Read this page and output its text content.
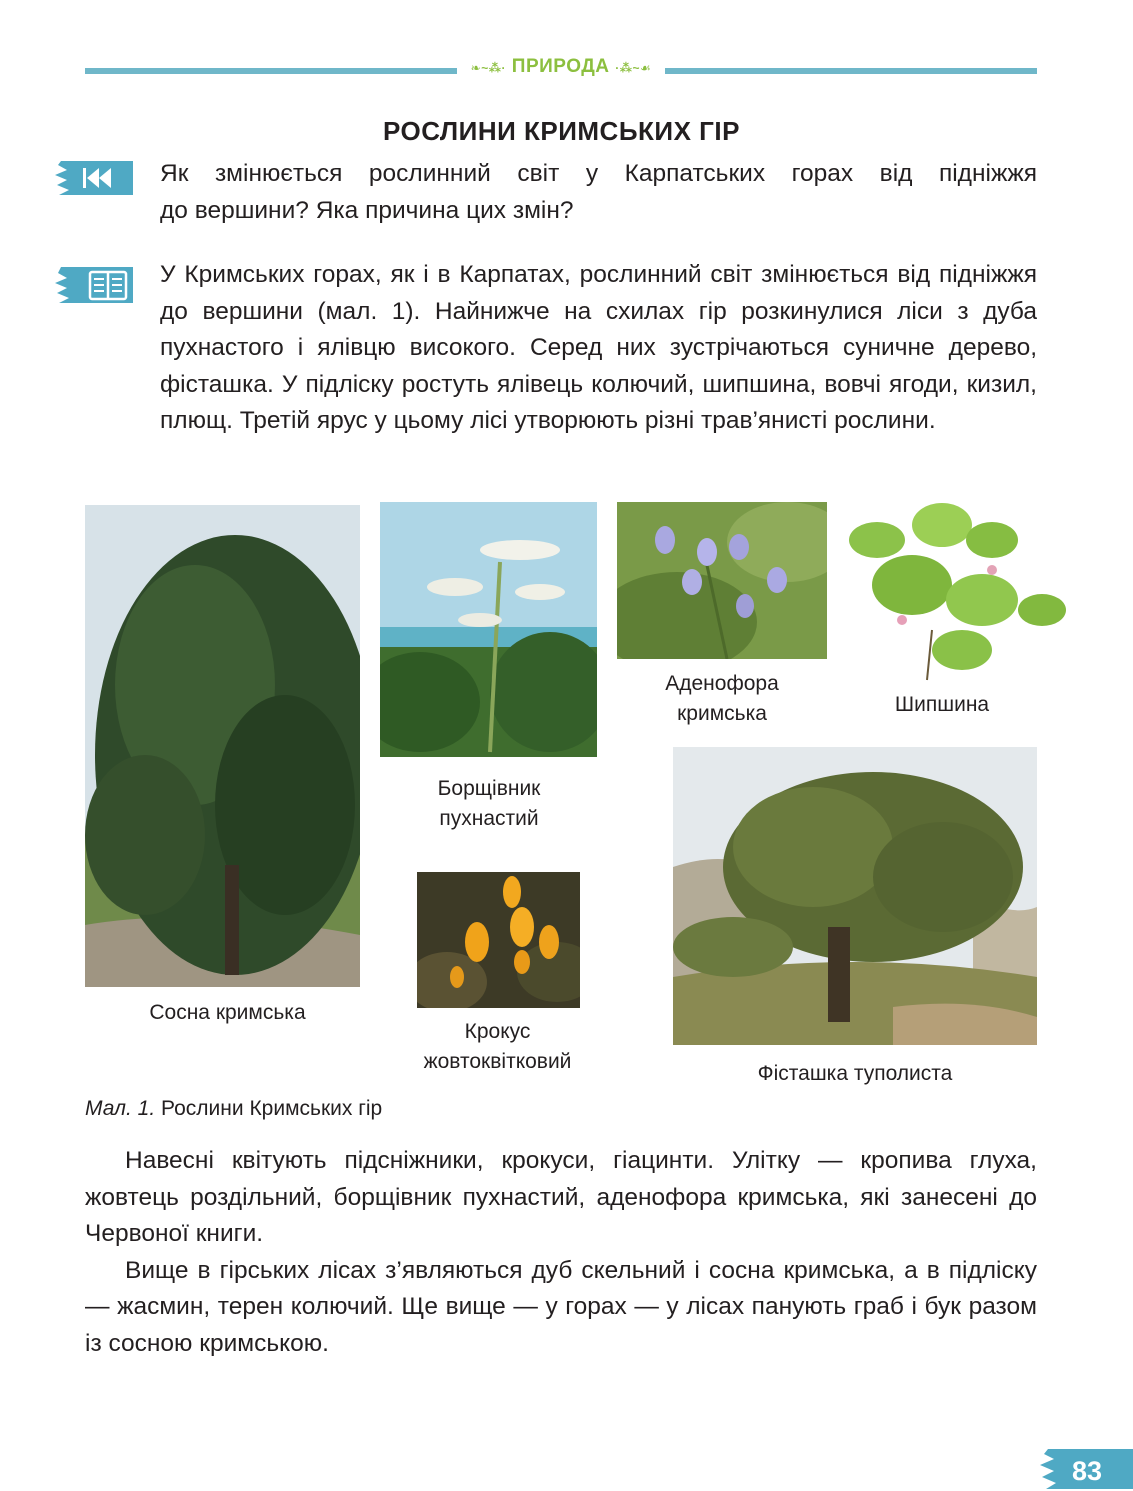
❧~⁂· ПРИРОДА ·⁂~☙
РОСЛИНИ КРИМСЬКИХ ГІР

Як змінюється рослинний світ у Карпатських горах від підніжжя

до вершини? Яка причина цих змін?

У Кримських горах, як і в Карпатах, рослинний світ змінюється від підніжжя до вершини (мал. 1). Найнижче на схилах гір розкинулися ліси з дуба пухнастого і ялівцю високого. Серед них зустрічаються суничне дерево, фісташка. У підліску ростуть ялівець колючий, шипшина, вовчі ягоди, кизил, плющ. Третій ярус у цьому лісі утворюють різні трав’янисті рослини.
Сосна кримська
Борщівник
пухнастий
Аденофора
кримська	Шипшина
Крокус
жовтоквітковий
Фісташка туполиста
Мал. 1. Рослини Кримських гір

Навесні квітують підсніжники, крокуси, гіацинти. Улітку — кропива глуха, жовтець роздільний, борщівник пухнастий, аденофора кримська, які занесені до Червоної книги.

Вище в гірських лісах з’являються дуб скельний і сосна кримська, а в підліску — жасмин, терен колючий. Ще вище — у горах — у лісах панують граб і бук разом із сосною кримською.

83
